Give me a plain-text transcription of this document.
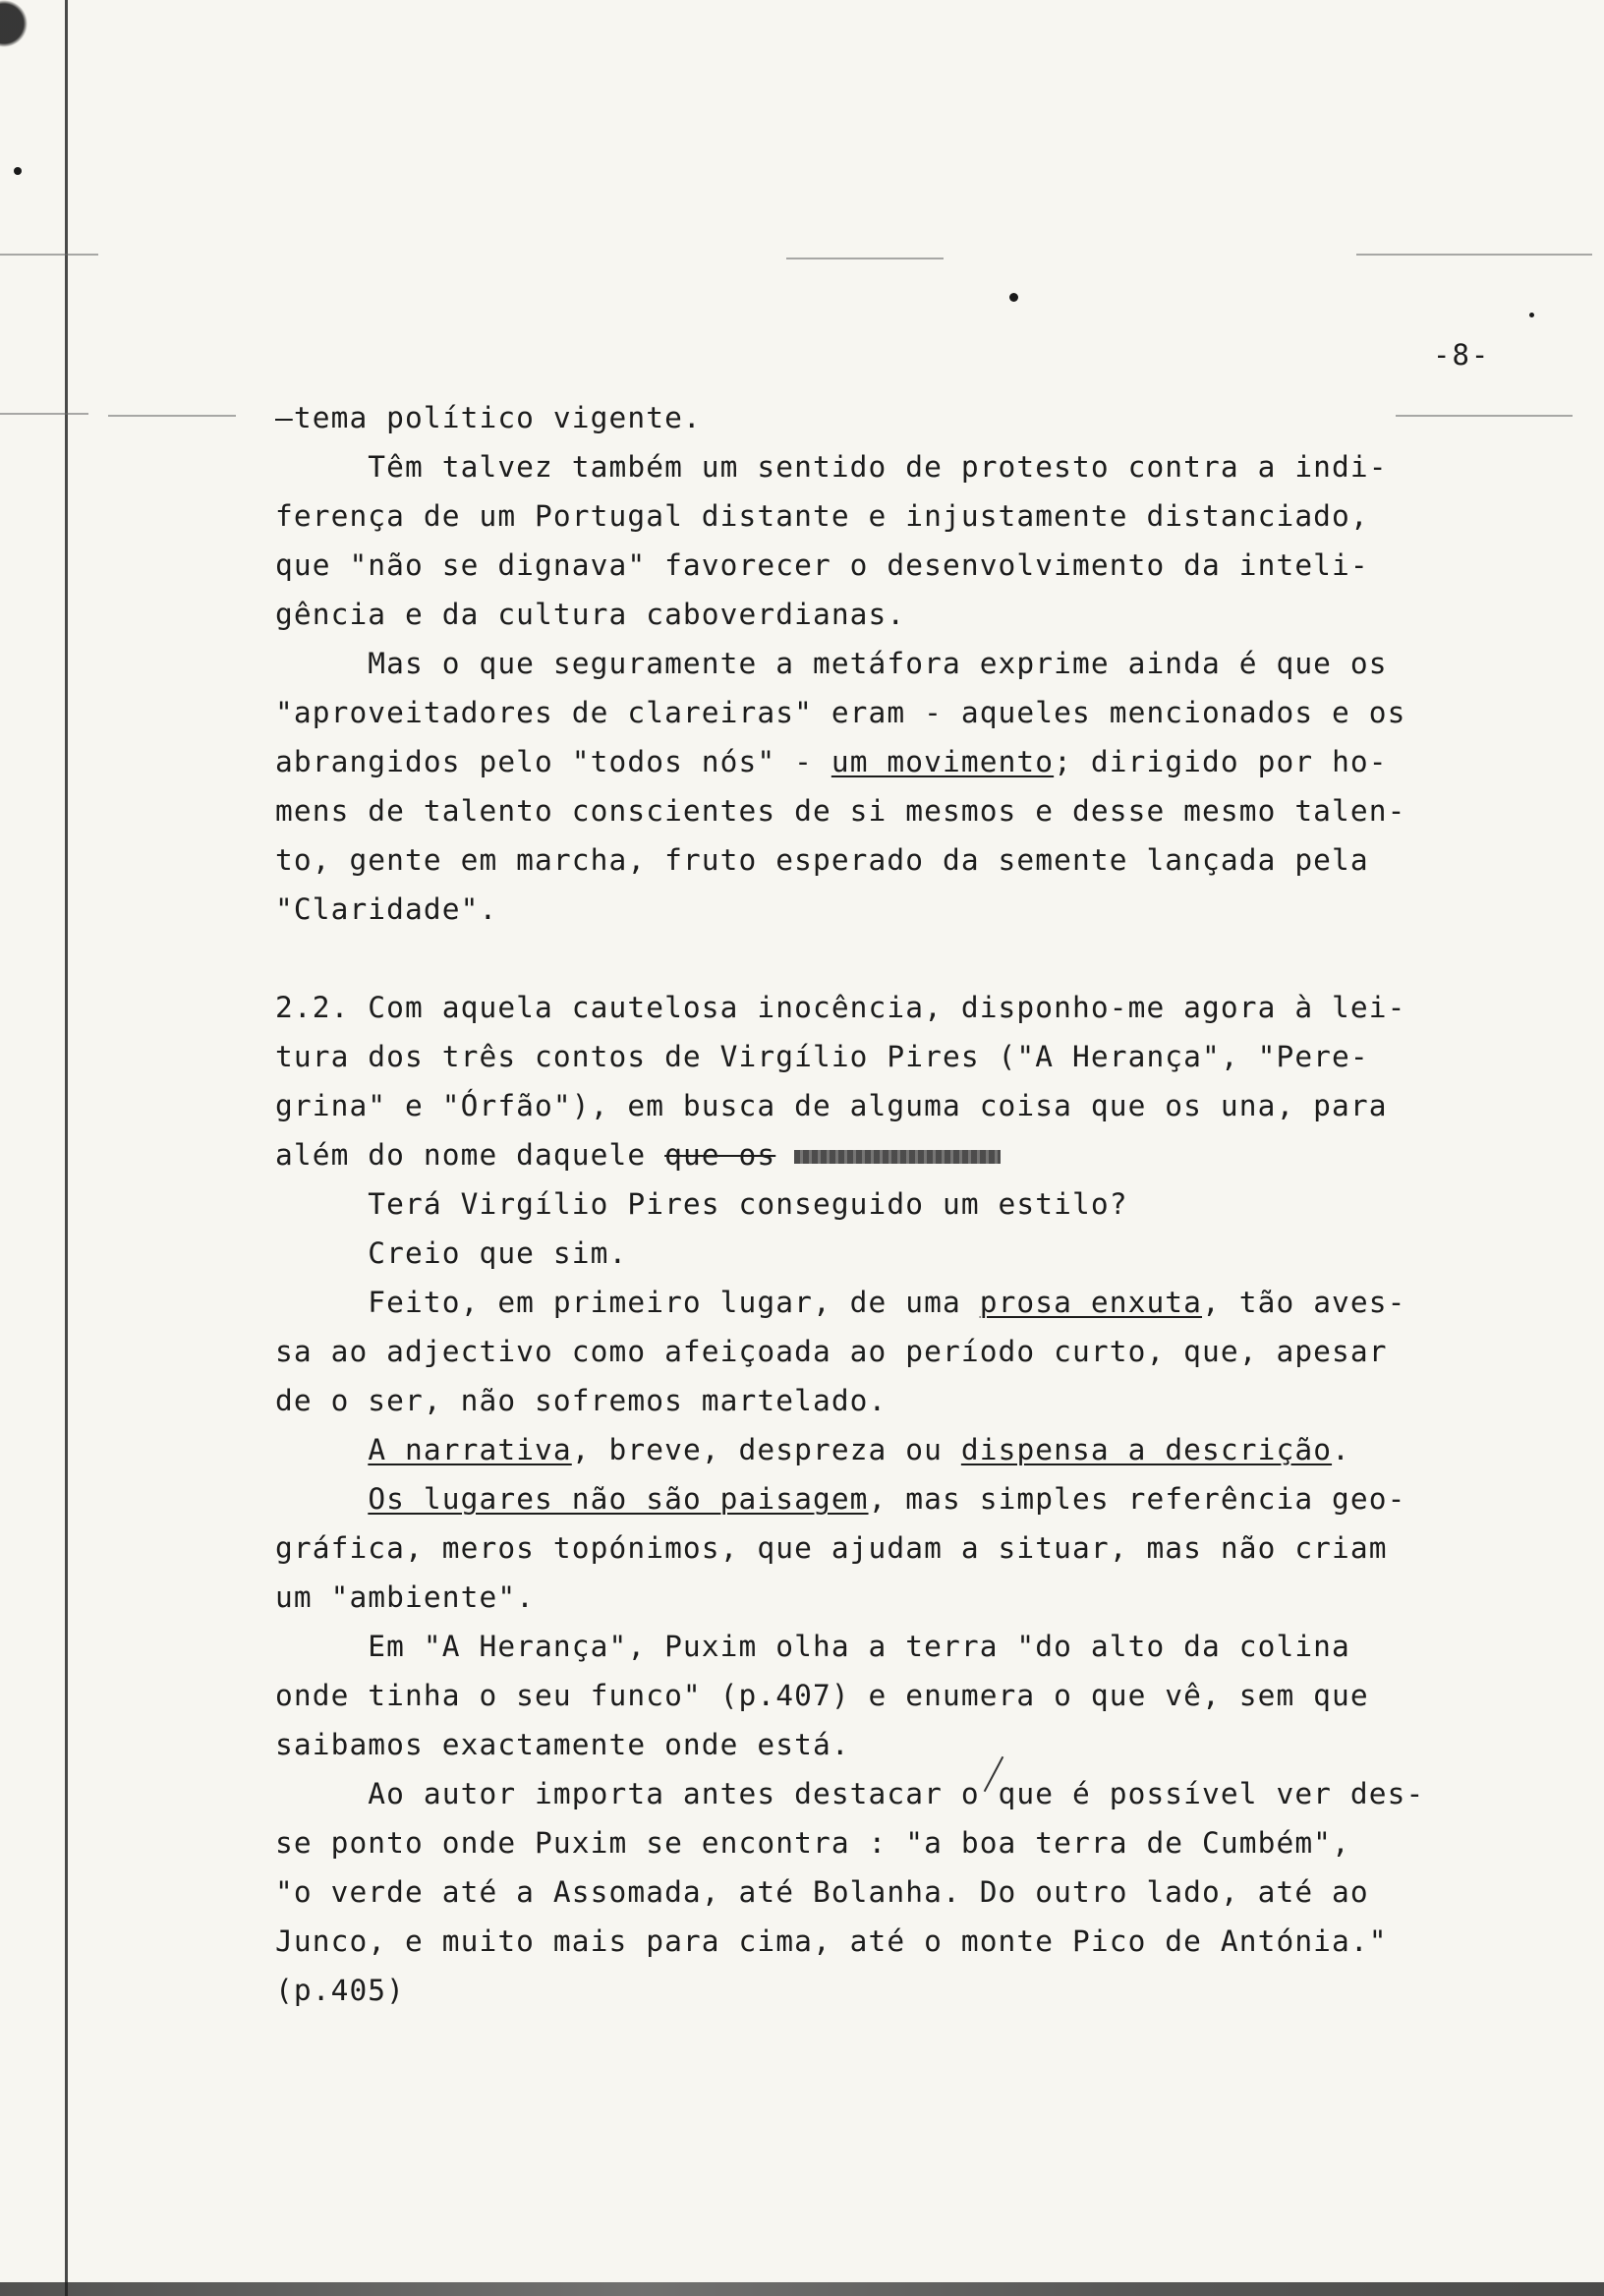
-8-
—tema político vigente.
Têm talvez também um sentido de protesto contra a indi-
ferença de um Portugal distante e injustamente distanciado,
que "não se dignava" favorecer o desenvolvimento da inteli-
gência e da cultura caboverdianas.
Mas o que seguramente a metáfora exprime ainda é que os
"aproveitadores de clareiras" eram - aqueles mencionados e os
abrangidos pelo "todos nós" - um movimento; dirigido por ho-
mens de talento conscientes de si mesmos e desse mesmo talen-
to, gente em marcha, fruto esperado da semente lançada pela
"Claridade".
2.2. Com aquela cautelosa inocência, disponho-me agora à lei-
tura dos três contos de Virgílio Pires ("A Herança", "Pere-
grina" e "Órfão"), em busca de alguma coisa que os una, para
além do nome daquele que os
Terá Virgílio Pires conseguido um estilo?
Creio que sim.
Feito, em primeiro lugar, de uma prosa enxuta, tão aves-
sa ao adjectivo como afeiçoada ao período curto, que, apesar
de o ser, não sofremos martelado.
A narrativa, breve, despreza ou dispensa a descrição.
Os lugares não são paisagem, mas simples referência geo-
gráfica, meros topónimos, que ajudam a situar, mas não criam
um "ambiente".
Em "A Herança", Puxim olha a terra "do alto da colina
onde tinha o seu funco" (p.407) e enumera o que vê, sem que
saibamos exactamente onde está.
Ao autor importa antes destacar o que é possível ver des-
se ponto onde Puxim se encontra : "a boa terra de Cumbém",
"o verde até a Assomada, até Bolanha. Do outro lado, até ao
Junco, e muito mais para cima, até o monte Pico de Antónia."
(p.405)
